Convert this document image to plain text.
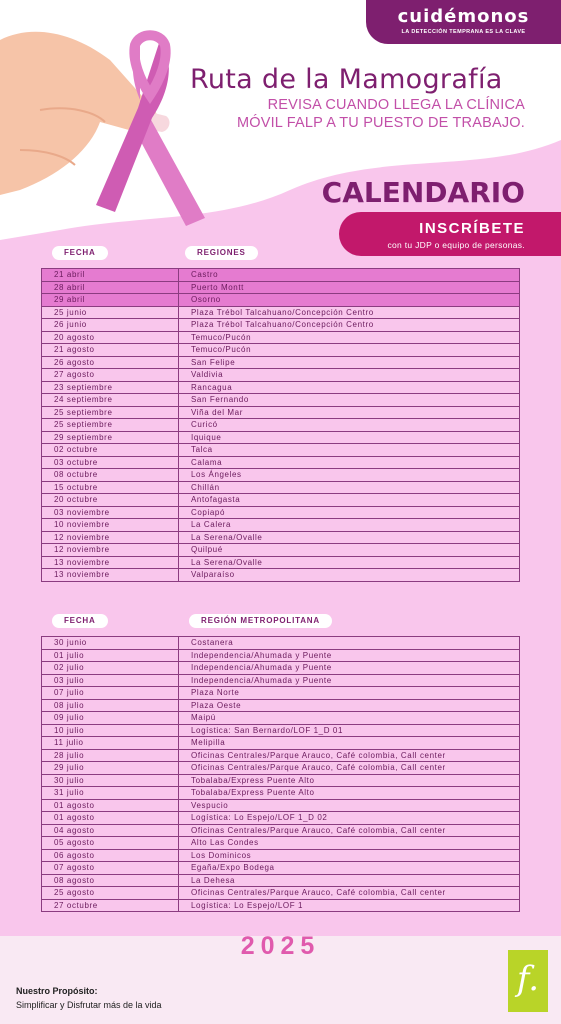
cuidémonos
LA DETECCIÓN TEMPRANA ES LA CLAVE
Ruta de la Mamografía
REVISA CUANDO LLEGA LA CLÍNICA
MÓVIL FALP A TU PUESTO DE TRABAJO.
CALENDARIO
INSCRÍBETE
con tu JDP o equipo de personas.
FECHA	REGIONES
21 abril	Castro
28 abril	Puerto Montt
29 abril	Osorno
25 junio	Plaza Trébol Talcahuano/Concepción Centro
26 junio	Plaza Trébol Talcahuano/Concepción Centro
20 agosto	Temuco/Pucón
21 agosto	Temuco/Pucón
26 agosto	San Felipe
27 agosto	Valdivia
23 septiembre	Rancagua
24 septiembre	San Fernando
25 septiembre	Viña del Mar
25 septiembre	Curicó
29 septiembre	Iquique
02 octubre	Talca
03 octubre	Calama
08 octubre	Los Ángeles
15 octubre	Chillán
20 octubre	Antofagasta
03 noviembre	Copiapó
10 noviembre	La Calera
12 noviembre	La Serena/Ovalle
12 noviembre	Quilpué
13 noviembre	La Serena/Ovalle
13 noviembre	Valparaíso
FECHA	REGIÓN METROPOLITANA
30 junio	Costanera
01 julio	Independencia/Ahumada y Puente
02 julio	Independencia/Ahumada y Puente
03 julio	Independencia/Ahumada y Puente
07 julio	Plaza Norte
08 julio	Plaza Oeste
09 julio	Maipú
10 julio	Logística: San Bernardo/LOF 1_D 01
11 julio	Melipilla
28 julio	Oficinas Centrales/Parque Arauco, Café colombia, Call center
29 julio	Oficinas Centrales/Parque Arauco, Café colombia, Call center
30 julio	Tobalaba/Express Puente Alto
31 julio	Tobalaba/Express Puente Alto
01 agosto	Vespucio
01 agosto	Logística: Lo Espejo/LOF 1_D 02
04 agosto	Oficinas Centrales/Parque Arauco, Café colombia, Call center
05 agosto	Alto Las Condes
06 agosto	Los Dominicos
07 agosto	Egaña/Expo Bodega
08 agosto	La Dehesa
25 agosto	Oficinas Centrales/Parque Arauco, Café colombia, Call center
27 octubre	Logística: Lo Espejo/LOF 1
2025
Nuestro Propósito:
Simplificar y Disfrutar más de la vida
f.
